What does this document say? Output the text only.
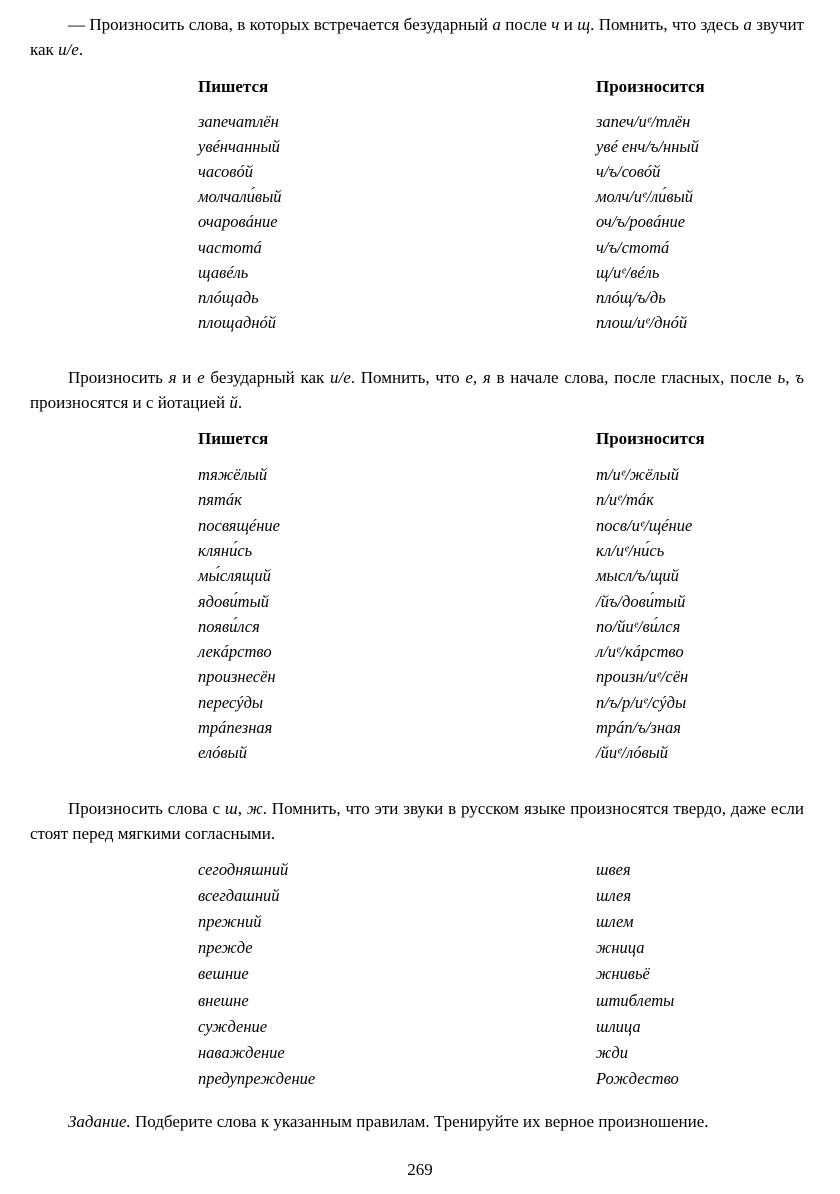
— Произносить слова, в которых встречается безударный а после ч и щ. Помнить, что здесь а звучит как и/е.
Пишется	Произносится
запечатлён	запеч/иᵉ/тлён
увéнчанный	увé енч/ъ/нный
часовóй	ч/ъ/совóй
молчали́вый	молч/иᵉ/ли́вый
очаровáние	оч/ъ/ровáние
частотá	ч/ъ/стотá
щавéль	щ/иᵉ/вéль
плóщадь	плóщ/ъ/дь
площаднóй	плош/иᵉ/днóй
Произносить я и е безударный как и/е. Помнить, что е, я в начале слова, после гласных, после ь, ъ произносятся и с йотацией й.
Пишется	Произносится
тяжёлый	т/иᵉ/жёлый
пятáк	п/иᵉ/тáк
посвящéние	посв/иᵉ/щéние
кляни́сь	кл/иᵉ/ни́сь
мы́слящий	мысл/ъ/щий
ядови́тый	/йъ/дови́тый
появи́лся	по/йиᵉ/ви́лся
лекáрство	л/иᵉ/кáрство
произнесён	произн/иᵉ/сён
пересýды	п/ъ/р/иᵉ/сýды
трáпезная	трáп/ъ/зная
елóвый	/йиᵉ/лóвый
Произносить слова с ш, ж. Помнить, что эти звуки в русском языке произносятся твердо, даже если стоят перед мягкими согласными.
сегодняшний	швея
всегдашний	шлея
прежний	шлем
прежде	жница
вешние	жнивьё
внешне	штиблеты
суждение	шлица
наваждение	жди
предупреждение	Рождество
Задание. Подберите слова к указанным правилам. Тренируйте их верное произношение.
269
